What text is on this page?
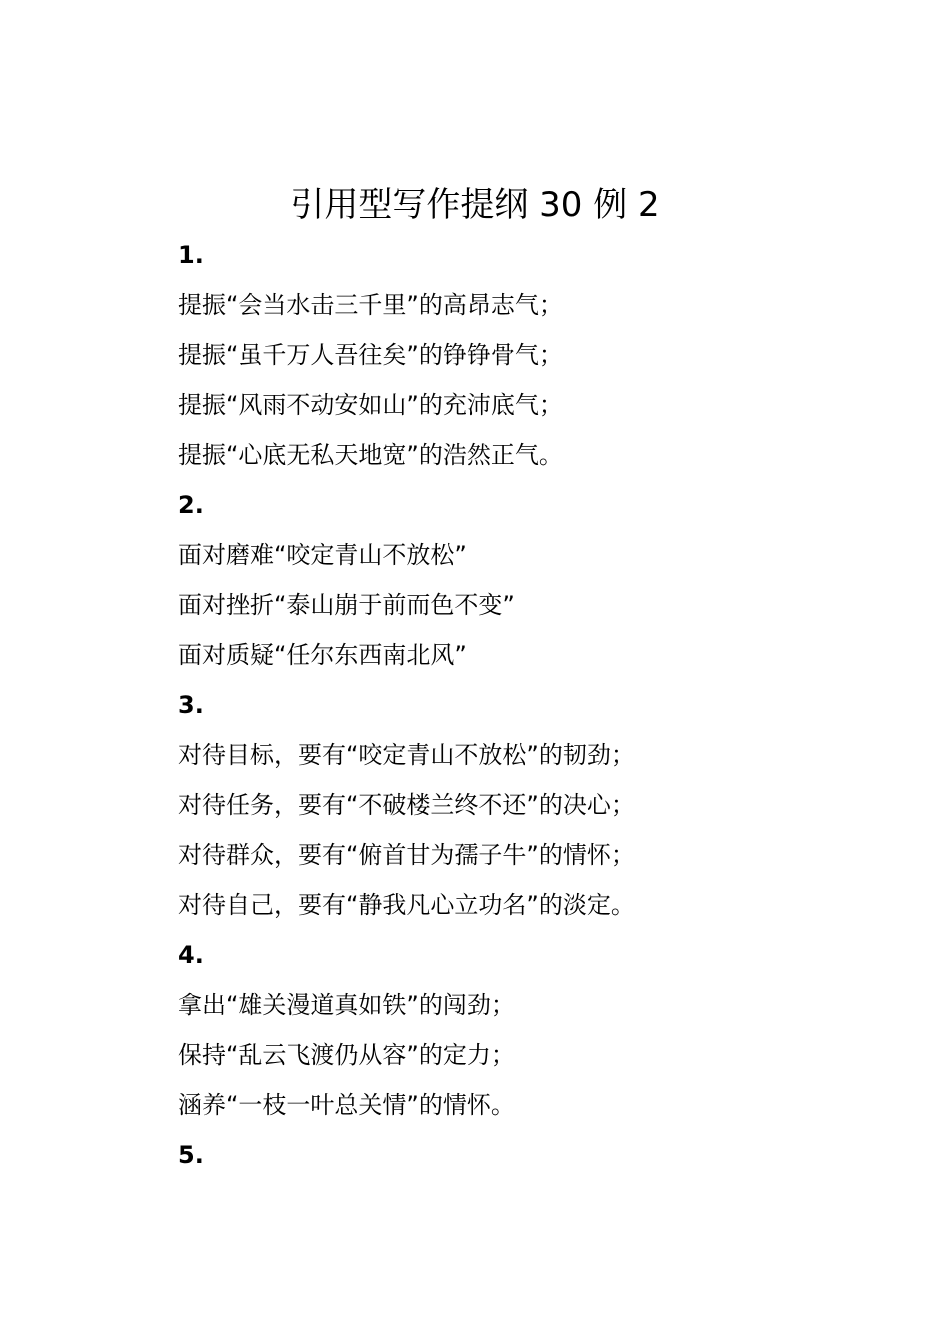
引用型写作提纲 30 例 2
1.
提振“会当水击三千里”的高昂志气；
提振“虽千万人吾往矣”的铮铮骨气；
提振“风雨不动安如山”的充沛底气；
提振“心底无私天地宽”的浩然正气。
2.
面对磨难“咬定青山不放松”
面对挫折“泰山崩于前而色不变”
面对质疑“任尔东西南北风”
3.
对待目标，要有“咬定青山不放松”的韧劲；
对待任务，要有“不破楼兰终不还”的决心；
对待群众，要有“俯首甘为孺子牛”的情怀；
对待自己，要有“静我凡心立功名”的淡定。
4.
拿出“雄关漫道真如铁”的闯劲；
保持“乱云飞渡仍从容”的定力；
涵养“一枝一叶总关情”的情怀。
5.
